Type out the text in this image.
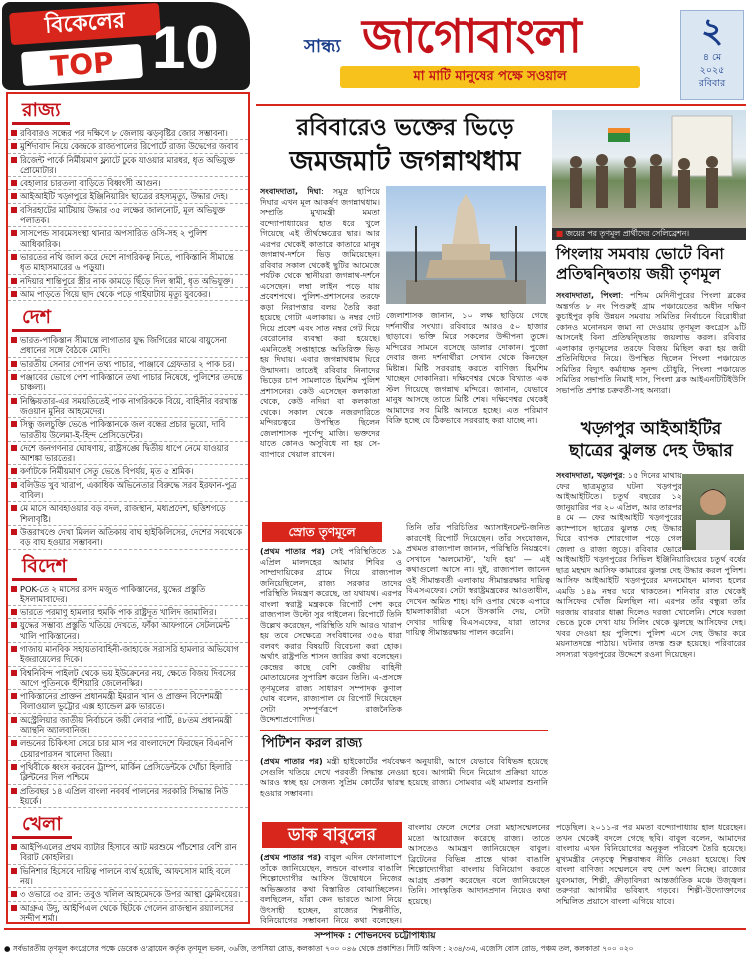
বিকেলের
TOP 10
রাজ্য
রবিবারও সন্ধের পর দক্ষিণে ৮ জেলায় ঝড়বৃষ্টির জোর সম্ভাবনা।
মুর্শিদাবাদ নিয়ে কেন্দ্রকে রাজ্যপালের রিপোর্টে রাজ্য উদ্বেগের জবাব
রিজেন্ট পার্কে নির্মীয়মাণ ফ্ল্যাটে ঢুকে যাওয়ার মারধর, ধৃত অভিযুক্ত প্রোমোটার।
বেহালার চারতলা বাড়িতে বিধ্বংসী আগুন।
আইআইটি খড়্গপুরে ইঞ্জিনিয়ারিং ছাত্রের রহস্যমৃত্যু, উদ্ধার দেহ।
বসিরহাটের মাটিয়ায় উদ্ধার ৩৫ লক্ষের জালনোট, মূল অভিযুক্ত পলাতক।
সাসপেন্ড সাবমেসংস্থা থানার অপসারিত ওসি-সহ ২ পুলিশ আধিকারিক।
ভারতের নথি জাল করে দেশে নাগরিকত্ব নিতে, পাকিস্তানি সীমান্তে ধৃত মাহাসমারের ৬ পড়ুয়া।
নদিয়ার শান্তিপুরে স্ত্রীর নাক কামড়ে ছিঁড়ে দিল স্বামী, ধৃত অভিযুক্ত।
আম পাড়তে গিয়ে ছাদ থেকে পড়ে গাইঘাটায় মৃত্যু যুবকের।
দেশ
ভারত-পাকিস্তান সীমান্তে লাগাতার যুদ্ধ জিগিরের মাঝে বায়ুসেনা প্রধানের সঙ্গে বৈঠকে মোদি।
ভারতীয় সেনার গোপন তথ্য পাচার, পাঞ্জাবে গ্রেফতার ২ পাক চর।
পঞ্জাবের ভোগে পেশ পাকিস্তানে তথ্য পাচার নিষেধে, পুলিশের তদন্তে চাঞ্চল্য।
নিষ্ক্রিয়তার-এর সময়তিতেই পাক নাগরিককে বিয়ে, বাহিনীর বরখাস্ত জওয়ান মুনির আহমেদের।
সিন্ধু জলচুক্তি ভেঙে পাকিস্তানকে জল বন্ধের প্রচার ভুয়ো, দাবি ভারতীয় উলেমা-ই-হিন্দ প্রেসিডেন্টের।
দেশে জনগণনার ঘোষণায়, রাষ্ট্রসঙ্ঘে দ্বিতীয় ধাপে নেমে যাওয়ার আশঙ্কা ভারতের।
কর্ণাটকে নির্মীয়মাণ সেতু ভেঙে বিপর্যয়, মৃত ৫ শ্রমিক।
বলিউড খুব খারাপ, একাধিক অভিনেতার বিরুদ্ধে সরব ইরফান-পুত্র বাবিল।
মে মাসে আবহাওয়ার বড় বদল, রাজস্থান, মধ্যপ্রদেশ, ছত্তিশগড়ে শিলাবৃষ্টি।
উত্তরাখণ্ডে দেখা মিলল অতিকায় বাঘ হাইকিলিসের, দেশের সবথেকে বড় বাঘ হওয়ার সম্ভাবনা।
বিদেশ
POK-তে ২ মাসের রসদ মজুত পাকিস্তানের, যুদ্ধের প্রস্তুতি ইসলামাবাদের।
ভারতে পরমাণু হামলার হুমকি পাক রাষ্ট্রদূত খালিদ জামালির।
যুদ্ধের সম্ভাব্য প্রস্তুতি খতিয়ে দেখতে, ফাঁকা আফগানে সেটলমেন্ট খালি পাকিস্তানের।
গাজায় মানবিক সহায়তাবাহিনী-জাহাজে সরাসরি হামলার অভিযোগ ইজরায়েলের দিকে।
বিশ্বনিবিন্দ পাইলট থেকে ভয় ইউক্রেনের নয়, ক্ষেতে বিজয় দিবসের আগে পুতিনকে হুঁশিয়ারি জেলেনস্কির।
পাকিস্তানের প্রাক্তন প্রধানমন্ত্রী ইমরান খান ও প্রাক্তন বিদেশমন্ত্রী বিলাওয়াল ভুট্টোর এক্স হ্যান্ডেল ব্লক ভারতে।
অস্ট্রেলিয়ার জাতীয় নির্বাচনে জয়ী লেবার পার্টি, ৪৮তম প্রধানমন্ত্রী অ্যান্থনি অ্যালবানিজ।
লন্ডনের চিকিৎসা সেরে চার মাস পর বাংলাদেশে ফিরছেন বিএনপি চেয়ারপারসন খালেদা জিয়া।
পৃথিবীকে ধ্বংস করবেন ট্রাম্প, মার্কিন প্রেসিডেন্টকে খোঁচা হিলারি ক্লিন্টনের দিল পশ্চিমে
প্রতিবছর ১৪ এপ্রিল বাংলা নববর্ষ পালনের সরকারি সিদ্ধান্ত নিউ ইয়র্কে।
খেলা
আইপিএলের প্রথম ব্যাটার হিসাবে আট মরশুমে পাঁচশোর বেশি রান বিরাট কোহলির।
ভিনিশার হিসেবে দায়িত্ব পালনে ব্যর্থ হয়েছি, আফসোস মাহি বলে নয়।
৩ ওভারে ৩৫ রান: তবুও খলিল আহমেদকে উপর আস্থা ফ্লেমিংয়ের।
আগ্রুএ উদু, আইপিএল থেকে ছিটকে গেলেন রাজস্থান রয়্যালসের সন্দীপ শর্মা।
সান্ধ্য জাগোবাংলা
মা মাটি মানুষের পক্ষে সওয়াল
২
৪ মে
২০২৫
রবিবার
রবিবারেও ভক্তের ভিড়ে
জমজমাট জগন্নাথধাম
সংবাদদাতা, দিঘা: সমুদ্র ছাপিয়ে দিঘার এখন মূল আকর্ষণ জগন্নাথধাম। সম্প্রতি মুখ্যমন্ত্রী মমতা বন্দ্যোপাধ্যায়ের হাত ধরে খুলে গিয়েছে এই তীর্থক্ষেত্রের দ্বার। আর এরপর থেকেই কাতারে কাতারে মানুষ জগন্নাথ-দর্শনে ভিড় জমিয়েছেন। রবিবার সকাল থেকেই ছুটির আমেজে পর্যটক থেকে স্থানীয়রা জগন্নাথ-দর্শনে এসেছেন। লম্বা লাইন পড়ে যায় প্রবেশপথে। পুলিশ-প্রশাসনের তরফে কড়া নিরাপত্তার বলয় তৈরি করা হয়েছে গোটা এলাকায়। ৬ নম্বর গেট দিয়ে প্রবেশ এবং সাত নম্বর গেট দিয়ে বেরোনোর ব্যবস্থা করা হয়েছে। এমনিতেই সপ্তাহান্তে অতিরিক্ত ভিড় হয় দিঘায়। এবার জগন্নাথধাম ঘিরে উন্মাদনা। তাতেই রবিবার নিনাদের ভিড়ের চাপ সামলাতে হিমশিম পুলিশ প্রশাসনের। কেউ এসেছেন কলকাতা থেকে, কেউ নদিয়া বা কলকাতা থেকে। সকাল থেকে নজরদারিতে মন্দিরচত্বরে উপস্থিত ছিলেন জেলাশাসক পূর্ণেন্দু মাজি। ভক্তদের যাতে কোনও অসুবিধে না হয় সে-ব্যাপারে খেয়াল রাখেন।
জেলাশাসক জানান, ১০ লক্ষ ছাড়িয়ে গেছে দর্শনার্থীর সংখ্যা। রবিবারে আরও ৫০ হাজার ছাড়াবে। ভক্তি মিরে সকলের উদ্দীপনা তুঙ্গে। মন্দিরের সামনে বসেছে ডালার দোকান। পুজো দেবার জন্য দর্শনার্থীরা সেখান থেকে কিনছেন মিষ্টান্ন। মিষ্টি সরবরাহ করতে বাণিজ্য হিমশিম খাচ্ছেন দোকানিরা। দক্ষিণেশ্বর থেকে বিখ্যাত এক স্টল গিয়েছে জগন্নাথ মন্দিরে। জানান, যেভাবে মানুষ আসছে তাতে মিষ্টি শেষ। দক্ষিণেশ্বর থেকেই আমাদের সব মিষ্টি আনতে হচ্ছে। এত পরিমাণ বিক্রি হচ্ছে যে ঠিকভাবে সরবরাহ করা যাচ্ছে না।
■ জয়ের পর তৃণমূল প্রার্থীদের সেলিব্রেশন।
পিংলায় সমবায় ভোটে বিনা প্রতিদ্বন্দ্বিতায় জয়ী তৃণমূল
সংবাদদাতা, পিংলা: পশ্চিম মেদিনীপুরের পিংলা ব্লকের অন্তর্গত ৮ নং পিণ্ডরুই গ্রাম পঞ্চায়েতের অধীন দক্ষিণ কুচাইপুর কৃষি উন্নয়ন সমবায় সমিতির নির্বাচনে বিরোধীরা কোনও মনোনয়ন জমা না দেওয়ায় তৃণমূল কংগ্রেস ৯টি আসনেই বিনা প্রতিদ্বন্দ্বিতায় জয়লাভ করল। রবিবার এলাকার তৃণমূলের তরফে বিজয় মিছিল করা হয় জয়ী প্রতিনিধিদের নিয়ে। উপস্থিত ছিলেন পিংলা পঞ্চায়েত সমিতির বিদ্যুৎ কর্মাধ্যক্ষ সুনন্দ চৌধুরি, পিংলা পঞ্চায়েত সমিতির সভাপতি নিমাই দাস, পিংলা ব্লক আইএনটিটিইউসি সভাপতি প্রশান্ত চক্রবর্তী-সহ অন্যরা।
খড়্গপুর আইআইটির
ছাত্রের ঝুলন্ত দেহ উদ্ধার
সংবাদদাতা, খড়্গপুর: ১৫ দিনের মাথায় ফের ছাত্রমৃত্যুর ঘটনা খড়্গপুর আইআইটিতে। চতুর্থ বছরের ১২ জানুয়ারির পর ২০ এপ্রিল, আর তারপর ৪ মে — ফের আইআইটি খড়্গপুরের ক্যাম্পাসে ছাত্রের ঝুলন্ত দেহ উদ্ধার ঘিরে ব্যাপক শোরগোল পড়ে গেল জেলা ও রাজ্য জুড়ে। রবিবার ভোরে আইআইটি খড়্গপুরের সিভিল ইঞ্জিনিয়ারিংয়ের চতুর্থ বর্ষের ছাত্র মহম্মদ আসিফ কামারের ঝুলন্ত দেহ উদ্ধার করল পুলিশ। আসিফ আইআইটি খড়্গপুরের মদনমোহন মালব্য হলের এমডি ১৪৯ নম্বর ঘরে থাকতেন। শনিবার রাত থেকেই আসিফের খোঁজ মিলছিল না। এরপর তাঁর বন্ধুরা তাঁর দরজায় বারবার ধাক্কা দিলেও দরজা খোলেনি। শেষে দরজা ভেঙে ঢুকে দেখা যায় সিলিং থেকে ঝুলছে আসিফের দেহ। খবর দেওয়া হয় পুলিশে। পুলিশ এসে দেহ উদ্ধার করে ময়নাতদন্তে পাঠায়। ঘটনার তদন্ত শুরু হয়েছে। পরিবারের সদস্যরা খড়্গপুরের উদ্দেশে রওনা দিয়েছেন।
স্রোত তৃণমূলে
(প্রথম পাতার পর) সেই পরিস্থিতিতে ১৯ এপ্রিল মালদহের আমার শিবির ও সাম্প্রদায়িকের গ্রামে গিয়ে রাজ্যপাল জনিয়েছিলেন, রাজ্য সরকার তাদের পরিস্থিতি নিয়ন্ত্রণ করেছে, তা যথাযথ। এরপর বাংলা স্বরাষ্ট্র মন্ত্রককে রিপোর্ট পেশ করে রাজ্যপাল উল্টো সুর গাইলেন। রিপোর্টে তিনি উল্লেখ করেছেন, পরিস্থিতি যদি আরও খারাপ হয় তবে সেক্ষেত্রে সংবিধানের ৩৫৬ ধারা বলবৎ করার বিষয়টি বিবেচনা করা হোক। অর্থাৎ রাষ্ট্রপতি শাসন জারির কথা বলেছেন। কেন্দ্রের কাছে বেশি কেন্দ্রীয় বাহিনী মোতায়েনের সুপারিশ করেন তিনি। এ-প্রসঙ্গে তৃণমূলের রাজ্য সাধারণ সম্পাদক কুণাল ঘোষ বলেন, রাজ্যপাল যে রিপোর্ট দিয়েছেন সেটা সম্পূর্ণরূপে রাজনৈতিক উদ্দেশ্যপ্রণোদিত।
তিনি তাঁর পরিচিতির অ্যাসাইনমেন্ট-জনিত কারণেই রিপোর্ট দিয়েছেন। তাঁর সংযোজন, প্রথমত রাজ্যপাল জানান, পরিস্থিতি নিয়ন্ত্রণে। সেখানে 'অলমোস্ট', 'যদি হয়' — এই কথাগুলো আসে না। দুই, রাজ্যপাল জানেন ওই সীমান্তবর্তী এলাকায় সীমান্তরক্ষার দায়িত্ব বিএসএফের। সেটা স্বরাষ্ট্রমন্ত্রকের আওতাধীন, দেখেন অমিত শাহ। যদি ওপার থেকে এপারে হামলাকারীরা এসে উসকানি দেয়, সেটা দেখার দায়িত্ব বিএসএফের, যারা তাদের দায়িত্ব সীমান্তরক্ষায় পালন করেনি।
পিটিশন করল রাজ্য
(প্রথম পাতার পর) মন্ত্রী হাইকোর্টের পর্যবেক্ষণ অনুযায়ী, আগে যেভাবে বিধিভঙ্গ হয়েছে সেগুলি খতিয়ে দেখে পরবর্তী সিদ্ধান্ত নেওয়া হবে। আগামী দিনে নিয়োগ প্রক্রিয়া যাতে আরও স্বচ্ছ হয় সেজন্য সুপ্রিম কোর্টের দ্বারস্থ হয়েছে রাজ্য। সোমবার এই মামলার শুনানি হওয়ার সম্ভাবনা।
ডাক বাবুলের
(প্রথম পাতার পর) বাবুল এদিন ফোনালাপে তাঁকে জানিয়েছেন, লন্ডনে বাংলার বাঙালি শিল্পোদ্যোগীর আফিস উদ্বোধনে নিজের অভিজ্ঞতার কথা বিস্তারিত বোঝাচ্ছিলেন। বলছিলেন, যাঁরা কেন ভারতে আসা নিয়ে উৎসাহী হচ্ছেন, রাজ্যের শিল্পনীতি, বিনিয়োগের সম্ভাবনা নিয়ে কথা বলেছেন।
বাংলায় ফেলে দেশের সেরা মহাসম্মেলনের মতো আয়োজন করেছে রাজ্য। তাতে আসতেও আমন্ত্রণ জানিয়েছেন বাবুল। ব্রিটেনের বিভিন্ন প্রান্তে থাকা বাঙালি শিল্পোদ্যোগীরা বাংলায় বিনিয়োগ করতে আগ্রহ প্রকাশ করেছেন বলে জানিয়েছেন তিনি। সাংস্কৃতিক আদানপ্রদান নিয়েও কথা হয়েছে।
পড়েছিল। ২০১১-র পর মমতা বন্দ্যোপাধ্যায় হাল ধরেছেন। তখন থেকেই বদলে গেছে ছবি। বাবুল বলেন, আমাদের বাংলায় এখন বিনিয়োগের অনুকূল পরিবেশ তৈরি হয়েছে। মুখ্যমন্ত্রীর নেতৃত্বে শিল্পবান্ধব নীতি নেওয়া হয়েছে। বিশ্ব বাংলা বাণিজ্য সম্মেলনে বহু দেশ অংশ নিচ্ছে। রাজ্যের যুবসমাজ, শিল্পী, ক্রীড়াবিদরা আন্তর্জাতিক মঞ্চে উজ্জ্বল। তরুণরা আগামীর ভবিষ্যৎ গড়বে। শিল্পী-উদ্যোক্তাদের সম্মিলিত প্রয়াসে বাংলা এগিয়ে যাবে।
সম্পাদক : শোভনদেব চট্টোপাধ্যায়
● সর্বভারতীয় তৃণমূল কংগ্রেসের পক্ষে ডেরেক ও'ব্রায়েন কর্তৃক তৃণমূল ভবন, ৩৬জি, তপসিয়া রোড, কলকাতা ৭০০ ০৪৬ থেকে প্রকাশিত। সিটি অফিস : ২৩৪/৩এ, এজেসি বোস রোড, পঞ্চম তল, কলকাতা ৭০০ ০২০
